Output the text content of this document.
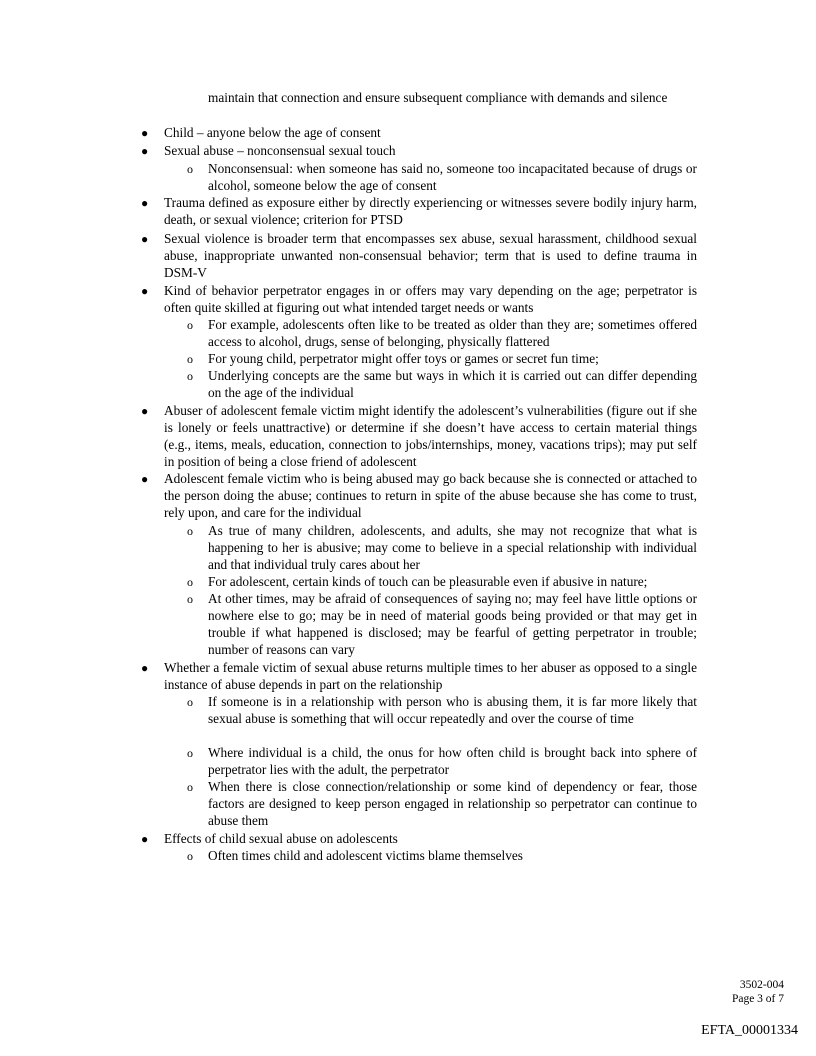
maintain that connection and ensure subsequent compliance with demands and silence
● Child – anyone below the age of consent
● Sexual abuse – nonconsensual sexual touch
o Nonconsensual: when someone has said no, someone too incapacitated because of drugs or alcohol, someone below the age of consent
● Trauma defined as exposure either by directly experiencing or witnesses severe bodily injury harm, death, or sexual violence; criterion for PTSD
● Sexual violence is broader term that encompasses sex abuse, sexual harassment, childhood sexual abuse, inappropriate unwanted non-consensual behavior; term that is used to define trauma in DSM-V
● Kind of behavior perpetrator engages in or offers may vary depending on the age; perpetrator is often quite skilled at figuring out what intended target needs or wants
o For example, adolescents often like to be treated as older than they are; sometimes offered access to alcohol, drugs, sense of belonging, physically flattered
o For young child, perpetrator might offer toys or games or secret fun time;
o Underlying concepts are the same but ways in which it is carried out can differ depending on the age of the individual
● Abuser of adolescent female victim might identify the adolescent’s vulnerabilities (figure out if she is lonely or feels unattractive) or determine if she doesn’t have access to certain material things (e.g., items, meals, education, connection to jobs/internships, money, vacations trips); may put self in position of being a close friend of adolescent
● Adolescent female victim who is being abused may go back because she is connected or attached to the person doing the abuse; continues to return in spite of the abuse because she has come to trust, rely upon, and care for the individual
o As true of many children, adolescents, and adults, she may not recognize that what is happening to her is abusive; may come to believe in a special relationship with individual and that individual truly cares about her
o For adolescent, certain kinds of touch can be pleasurable even if abusive in nature;
o At other times, may be afraid of consequences of saying no; may feel have little options or nowhere else to go; may be in need of material goods being provided or that may get in trouble if what happened is disclosed; may be fearful of getting perpetrator in trouble; number of reasons can vary
● Whether a female victim of sexual abuse returns multiple times to her abuser as opposed to a single instance of abuse depends in part on the relationship
o If someone is in a relationship with person who is abusing them, it is far more likely that sexual abuse is something that will occur repeatedly and over the course of time
o Where individual is a child, the onus for how often child is brought back into sphere of perpetrator lies with the adult, the perpetrator
o When there is close connection/relationship or some kind of dependency or fear, those factors are designed to keep person engaged in relationship so perpetrator can continue to abuse them
● Effects of child sexual abuse on adolescents
o Often times child and adolescent victims blame themselves
3502-004
Page 3 of 7
EFTA_00001334
